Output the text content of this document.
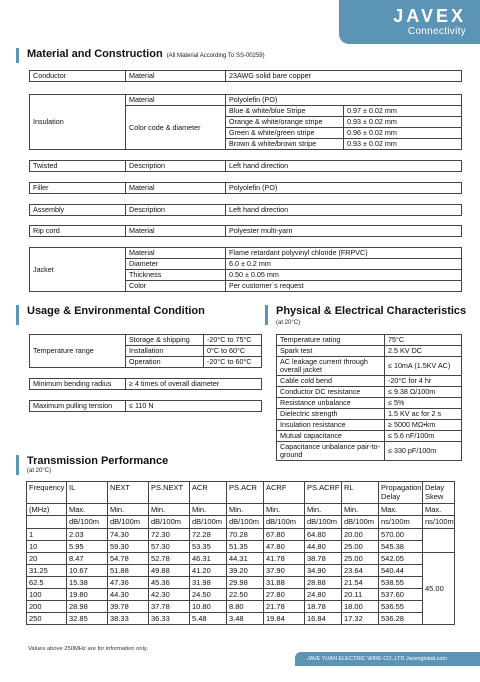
JAVEX
Connectivity
Material and Construction (All Material According To SS-00259)
Conductor	Material	23AWG solid bare copper
Insulation	Material	Polyolefin (PO)	
	Color code & diameter	Blue & white/blue Stripe	0.97 ± 0.02 mm
		Orange & white/orange stripe	0.93 ± 0.02 mm
		Green & white/green stripe	0.96 ± 0.02 mm
		Brown & white/brown stripe	0.93 ± 0.02 mm
Twisted	Description	Left hand direction
Filler	Material	Polyolefin (PO)
Assembly	Description	Left hand direction
Rip cord	Material	Polyester multi-yarn
Jacket	Material	Flame retardant polyvinyl chloride (FRPVC)
	Diameter	6.0 ± 0.2 mm
	Thickness	0.50 ± 0.05 mm
	Color	Per customer`s request
Usage & Environmental Condition
Temperature range	Storage & shipping	-20°C to 75°C
	Installation	0°C to 60°C
	Operation	-20°C to 60°C
Minimum bending radius	≥ 4 times of overall diameter
Maximum pulling tension	≤ 110 N
Physical & Electrical Characteristics
(at 20°C)
Temperature rating	75°C
Spark test	2.5 KV DC
AC leakage current through overall jacket	≤ 10mA (1.5KV AC)
Cable cold bend	-20°C for 4 hr
Conductor DC resistance	≤ 9.38 Ω/100m
Resistance unbalance	≤ 5%
Dielectric strength	1.5 KV ac for 2 s
Insulation resistance	≥ 5000 MΩ•km
Mutual capacitance	≤ 5.6 nF/100m
Capacitance unbalance pair-to-ground	≤ 330 pF/100m
Transmission Performance
(at 20°C)
Frequency	IL	NEXT	PS.NEXT	ACR	PS.ACR	ACRF	PS.ACRF	RL	Propagation Delay	Delay Skew
(MHz)	Max.	Min.	Min.	Min.	Min.	Min.	Min.	Min.	Max.	Max.
	dB/100m	dB/100m	dB/100m	dB/100m	dB/100m	dB/100m	dB/100m	dB/100m	ns/100m	ns/100m
1	2.03	74.30	72.30	72.28	70.28	67.80	64.80	20.00	570.00	
10	5.95	59.30	57.30	53.35	51.35	47.80	44.80	25.00	545.38	
20	8.47	54.78	52.78	46.31	44.31	41.78	38.78	25.00	542.05	45.00
31.25	10.67	51.88	49.88	41.20	39.20	37.90	34.90	23.64	540.44	
62.5	15.38	47.36	45.36	31.98	29.98	31.88	28.88	21.54	538.55	
100	19.80	44.30	42.30	24.50	22.50	27.80	24.80	20.11	537.60	
200	28.98	39.78	37.78	10.80	8.80	21.78	18.78	18.00	536.55	
250	32.85	38.33	36.33	5.48	3.48	19.84	16.84	17.32	536.28	
Values above 250MHz are for information only.
JAVE YUAN ELECTRIC WIRE CO.,LTD Javexglobal.com
